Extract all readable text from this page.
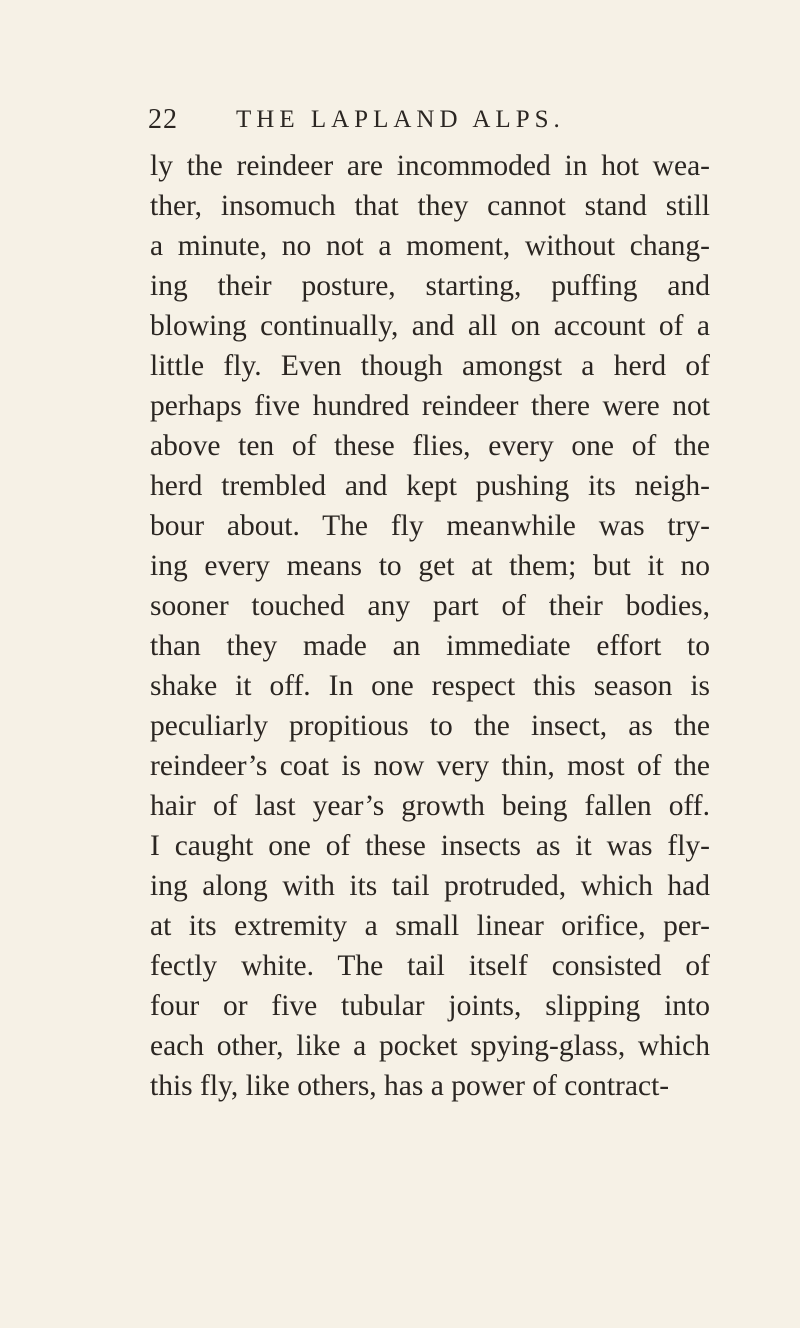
22 THE LAPLAND ALPS.
ly the reindeer are incommoded in hot wea-
ther, insomuch that they cannot stand still
a minute, no not a moment, without chang-
ing their posture, starting, puffing and
blowing continually, and all on account of a
little fly. Even though amongst a herd of
perhaps five hundred reindeer there were not
above ten of these flies, every one of the
herd trembled and kept pushing its neigh-
bour about. The fly meanwhile was try-
ing every means to get at them; but it no
sooner touched any part of their bodies,
than they made an immediate effort to
shake it off. In one respect this season is
peculiarly propitious to the insect, as the
reindeer’s coat is now very thin, most of the
hair of last year’s growth being fallen off.
I caught one of these insects as it was fly-
ing along with its tail protruded, which had
at its extremity a small linear orifice, per-
fectly white. The tail itself consisted of
four or five tubular joints, slipping into
each other, like a pocket spying-glass, which
this fly, like others, has a power of contract-
